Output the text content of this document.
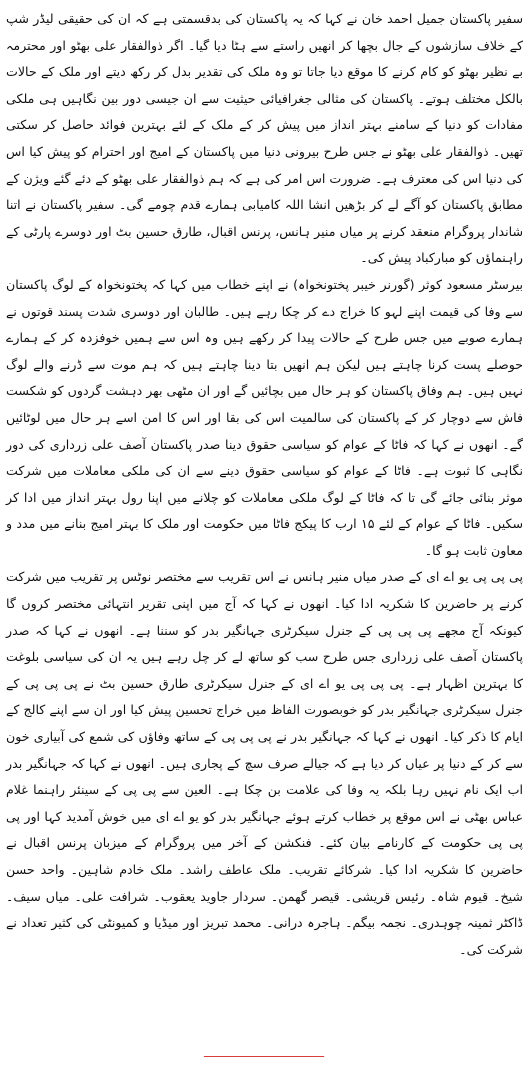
سفیر پاکستان جمیل احمد خان نے کہا کہ یہ پاکستان کی بدقسمتی ہے کہ ان کی حقیقی لیڈر شپ کے خلاف سازشوں کے جال بچھا کر انھیں راستے سے ہٹا دیا گیا۔ اگر ذوالفقار علی بھٹو اور محترمہ بے نظیر بھٹو کو کام کرنے کا موقع دیا جاتا تو وہ ملک کی تقدیر بدل کر رکھ دیتے اور ملک کے حالات بالکل مختلف ہوتے۔ پاکستان کی مثالی جغرافیائی حیثیت سے ان جیسی دور بین نگاہیں ہی ملکی مفادات کو دنیا کے سامنے بہتر انداز میں پیش کر کے ملک کے لئے بہترین فوائد حاصل کر سکتی تھیں۔ ذوالفقار علی بھٹو نے جس طرح بیرونی دنیا میں پاکستان کے امیج اور احترام کو پیش کیا اس کی دنیا اس کی معترف ہے۔ ضرورت اس امر کی ہے کہ ہم ذوالفقار علی بھٹو کے دئے گئے ویژن کے مطابق پاکستان کو آگے لے کر بڑھیں انشا اللہ کامیابی ہمارے قدم چومے گی۔ سفیر پاکستان نے اتنا شاندار پروگرام منعقد کرنے پر میاں منیر ہانس، پرنس اقبال، طارق حسین بٹ اور دوسرے پارٹی کے راہنماؤں کو مبارکباد پیش کی۔

بیرسٹر مسعود کوثر (گورنر خیبر پختونخواہ) نے اپنے خطاب میں کہا کہ پختونخواہ کے لوگ پاکستان سے وفا کی قیمت اپنے لہو کا خراج دے کر چکا رہے ہیں۔ طالبان اور دوسری شدت پسند قوتوں نے ہمارے صوبے میں جس طرح کے حالات پیدا کر رکھے ہیں وہ اس سے ہمیں خوفزدہ کر کے ہمارے حوصلے پست کرنا چاہتے ہیں لیکن ہم انھیں بتا دینا چاہتے ہیں کہ ہم موت سے ڈرنے والے لوگ نہیں ہیں۔ ہم وفاق پاکستان کو ہر حال میں بچائیں گے اور ان مٹھی بھر دہشت گردوں کو شکست فاش سے دوچار کر کے پاکستان کی سالمیت اس کی بقا اور اس کا امن اسے ہر حال میں لوٹائیں گے۔ انھوں نے کہا کہ فاٹا کے عوام کو سیاسی حقوق دینا صدر پاکستان آصف علی زرداری کی دور نگاہی کا ثبوت ہے۔ فاٹا کے عوام کو سیاسی حقوق دینے سے ان کی ملکی معاملات میں شرکت موثر بنائی جائے گی تا کہ فاٹا کے لوگ ملکی معاملات کو چلانے میں اپنا رول بہتر انداز میں ادا کر سکیں۔ فاٹا کے عوام کے لئے ۱۵ ارب کا پیکج فاٹا میں حکومت اور ملک کا بہتر امیج بنانے میں مدد و معاون ثابت ہو گا۔

پی پی پی یو اے ای کے صدر میاں منیر ہانس نے اس تقریب سے مختصر نوٹس پر تقریب میں شرکت کرنے پر حاضرین کا شکریہ ادا کیا۔ انھوں نے کہا کہ آج میں اپنی تقریر انتہائی مختصر کروں گا کیونکہ آج مجھے پی پی پی کے جنرل سیکرٹری جہانگیر بدر کو سننا ہے۔ انھوں نے کہا کہ صدر پاکستان آصف علی زرداری جس طرح سب کو ساتھ لے کر چل رہے ہیں یہ ان کی سیاسی بلوغت کا بہترین اظہار ہے۔ پی پی پی یو اے ای کے جنرل سیکرٹری طارق حسین بٹ نے پی پی پی کے جنرل سیکرٹری جہانگیر بدر کو خوبصورت الفاظ میں خراج تحسین پیش کیا اور ان سے اپنے کالج کے ایام کا ذکر کیا۔ انھوں نے کہا کہ جہانگیر بدر نے پی پی پی کے ساتھ وفاؤں کی شمع کی آبیاری خون سے کر کے دنیا پر عیاں کر دیا ہے کہ جیالے صرف سچ کے پجاری ہیں۔ انھوں نے کہا کہ جہانگیر بدر اب ایک نام نہیں رہا بلکہ یہ وفا کی علامت بن چکا ہے۔ العین سے پی پی کے سینئر راہنما غلام عباس بھٹی نے اس موقع پر خطاب کرتے ہوئے جہانگیر بدر کو یو اے ای میں خوش آمدید کہا اور پی پی پی حکومت کے کارنامے بیان کئے۔ فنکشن کے آخر میں پروگرام کے میزبان پرنس اقبال نے حاضرین کا شکریہ ادا کیا۔ شرکائے تقریب۔ ملک عاطف راشد۔ ملک خادم شاہین۔ واحد حسن شیخ۔ قیوم شاہ۔ رئیس قریشی۔ قیصر گھمن۔ سردار جاوید یعقوب۔ شرافت علی۔ میاں سیف۔ ڈاکٹر ثمینہ چوہدری۔ نجمہ بیگم۔ ہاجرہ درانی۔ محمد تبریز اور میڈیا و کمیونٹی کی کثیر تعداد نے شرکت کی۔

ـــــــــــــــــــــــــــــــــــــــــ
